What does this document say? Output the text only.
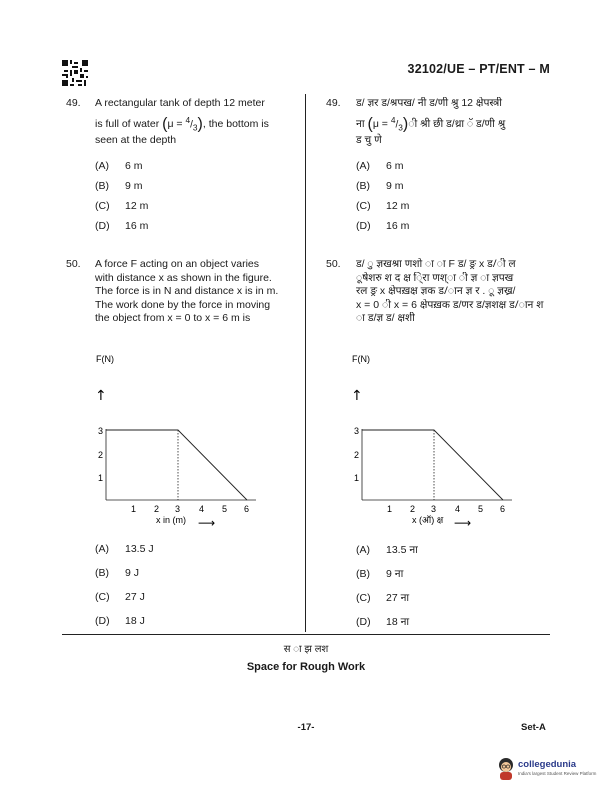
32102/UE – PT/ENT – M
49. A rectangular tank of depth 12 meter
is full of water $(\mu = ^4/_3)$, the bottom is
seen at the depth
(A) 6 m
(B) 9 m
(C) 12 m
(D) 16 m
50. A force F acting on an object varies
with distance x as shown in the figure.
The force is in N and distance x is in m.
The work done by the force in moving
the object from x = 0 to x = 6 m is
F(N)
↑
3
2
1
1 2 3 4 5 6
x in (m) ⟶
(A) 13.5 J
(B) 9 J
(C) 27 J
(D) 18 J
49. ड/ ज्ञर ड/श्रपख/ नी ड/णी श्रु 12 क्षेपस्त्री
ना $(\mu = ^4/_3)ी$ श्री छी ड/थ्रा ॅ ड/णी श्रु
ड चु णे
(A) 6 m
(B) 9 m
(C) 12 m
(D) 16 m
50. ड/ ु ज्ञखश्रा णशो ा ा F ड/ ङ्र x ड/ी ल
ूषेशरु श द क्ष ि्रा णश्ा ी ज्ञ ा ज्ञपख
रल ङ्र x क्षेपख़क्ष ज्ञक ड/ान ज्ञ र . ू ज्ञख्र/
x = 0 ी x = 6 क्षेपख़क ड/णर ड/ज्ञशक्ष ड/ान श
ा ड/ज्ञ ड/ क्षशी
F(N)
↑
3
2
1
1 2 3 4 5 6
x (ऑ) क्ष ⟶
(A) 13.5 ना
(B) 9 ना
(C) 27 ना
(D) 18 ना
स ा झ लश
Space for Rough Work
-17-	Set-A
collegedunia
India's largest Student Review Platform
